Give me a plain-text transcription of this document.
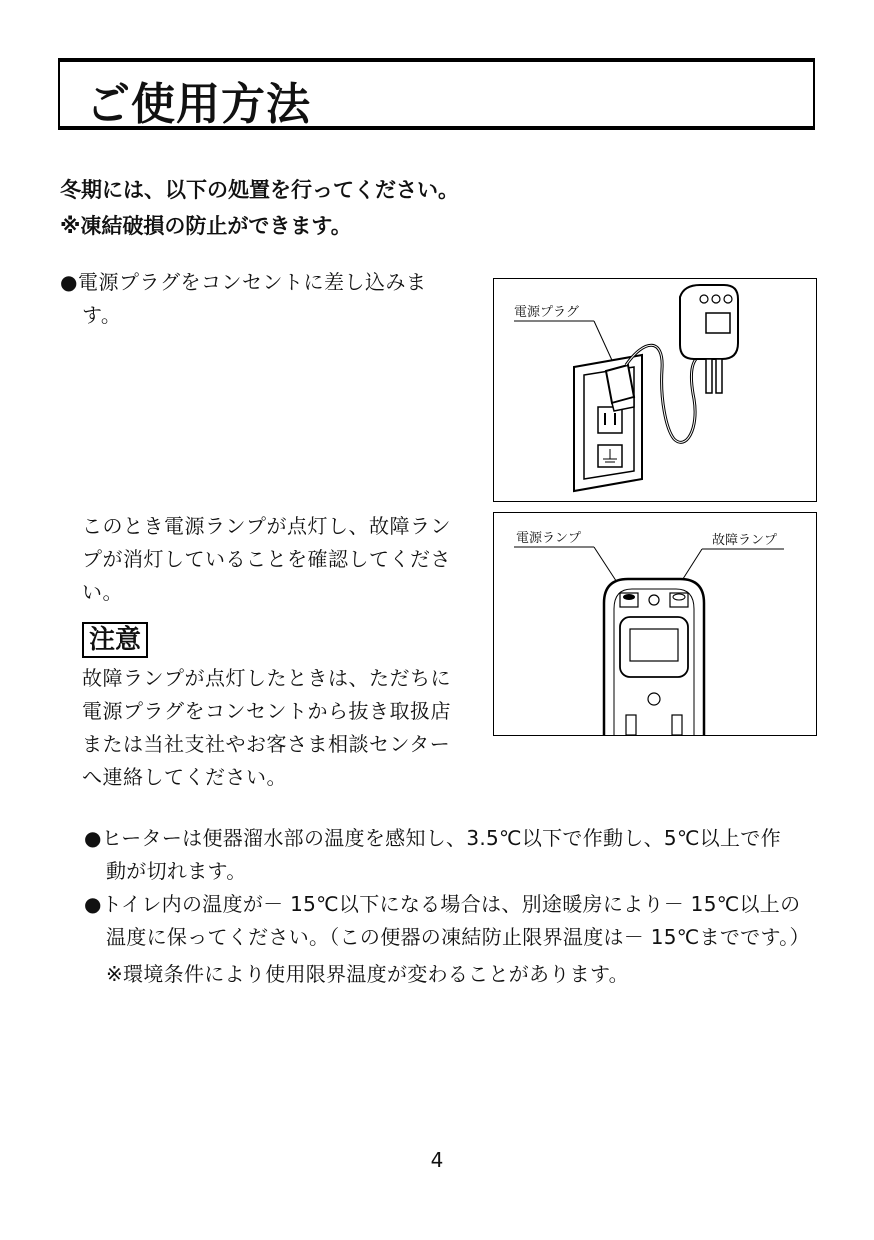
ご使用方法
冬期には、以下の処置を行ってください。
※凍結破損の防止ができます。
●電源プラグをコンセントに差し込みま
す。	電源プラグ
このとき電源ランプが点灯し、故障ラン
プが消灯していることを確認してくださ
い。
電源ランプ	故障ランプ
注意
故障ランプが点灯したときは、ただちに
電源プラグをコンセントから抜き取扱店
または当社支社やお客さま相談センター
へ連絡してください。
●ヒーターは便器溜水部の温度を感知し、3.5℃以下で作動し、5℃以上で作
動が切れます。
●トイレ内の温度が－ 15℃以下になる場合は、別途暖房により－ 15℃以上の
温度に保ってください。（この便器の凍結防止限界温度は－ 15℃までです。）
※環境条件により使用限界温度が変わることがあります。
4
